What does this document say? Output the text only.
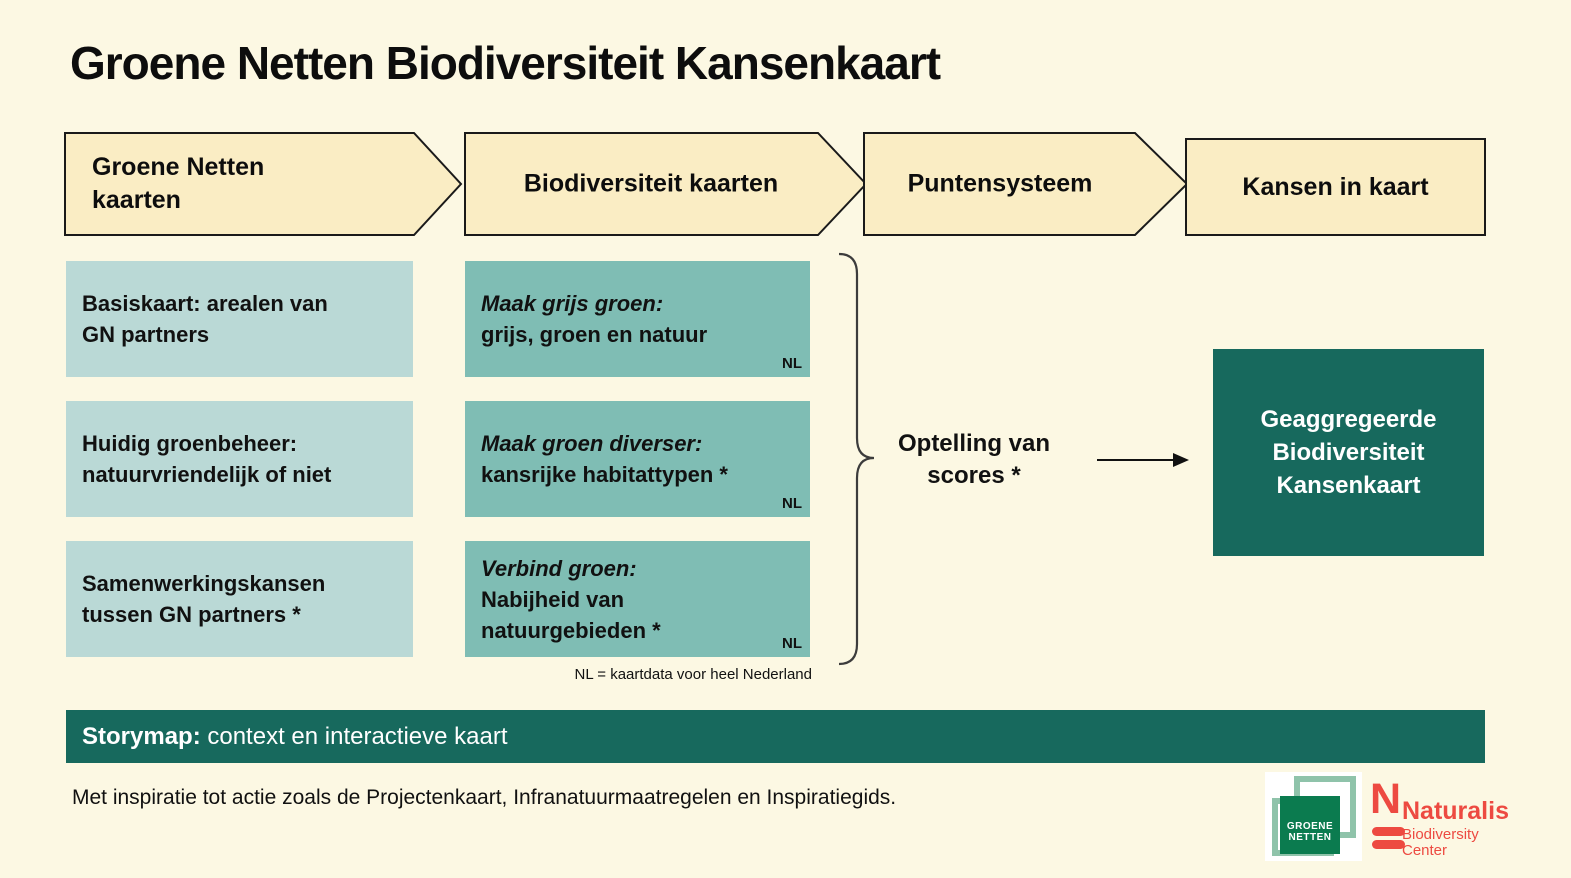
Groene Netten Biodiversiteit Kansenkaart
Groene Netten kaarten
Biodiversiteit kaarten	Puntensysteem	Kansen in kaart
Basiskaart: arealen van GN partners
Huidig groenbeheer: natuurvriendelijk of niet
Samenwerkingskansen tussen GN partners *
Maak grijs groen:
grijs, groen en natuur
NL
Maak groen diverser:
kansrijke habitattypen *
NL
Verbind groen:
Nabijheid van natuurgebieden *
NL
Optelling van
scores *
Geaggregeerde
Biodiversiteit
Kansenkaart
NL = kaartdata voor heel Nederland
Storymap: context en interactieve kaart
Met inspiratie tot actie zoals de Projectenkaart, Infranatuurmaatregelen en Inspiratiegids.
GROENE
NETTEN
N Naturalis
Biodiversity
Center
